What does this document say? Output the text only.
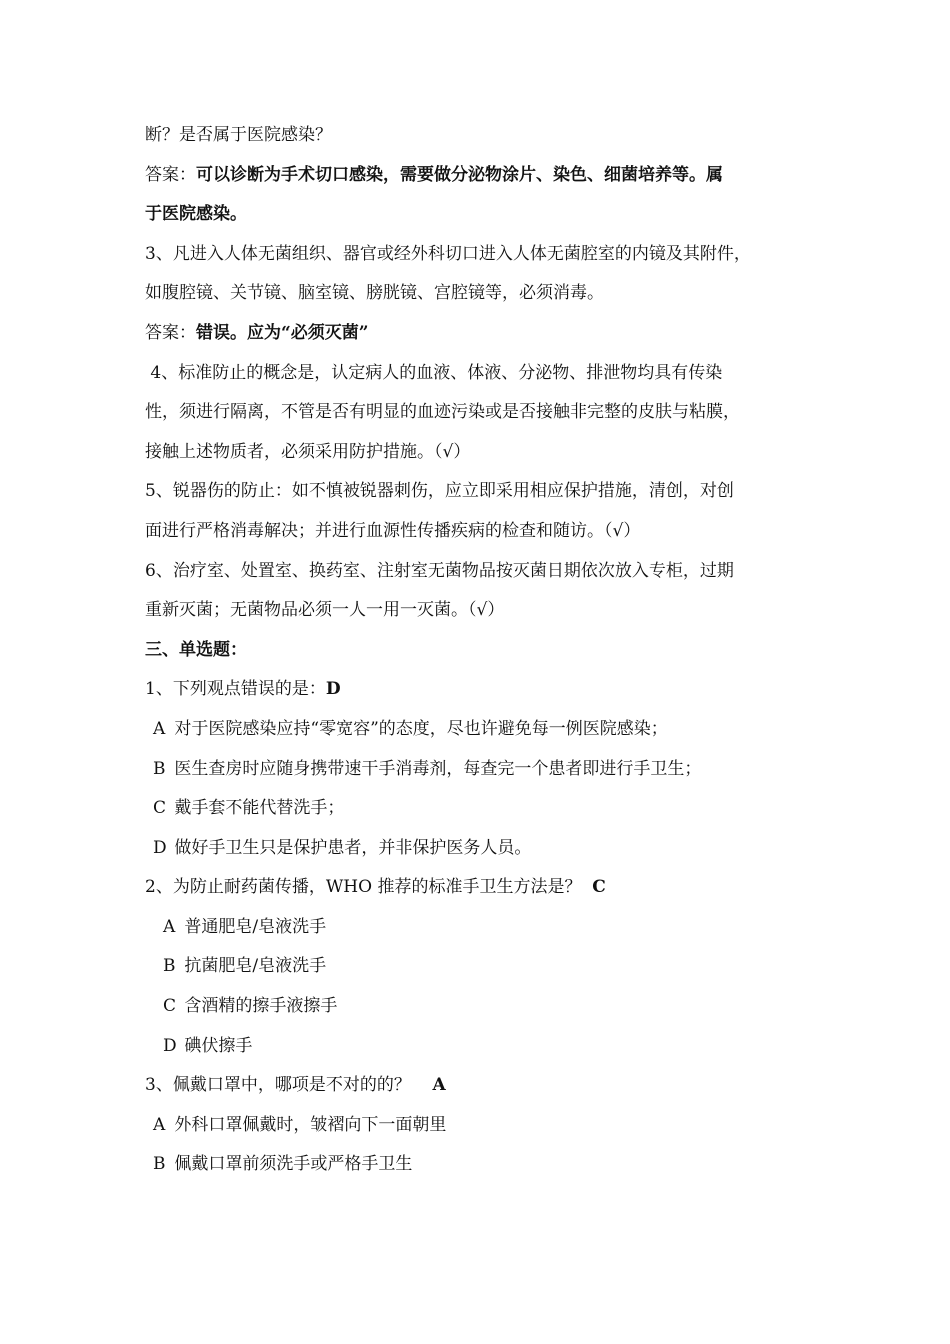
断？是否属于医院感染？
答案：可以诊断为手术切口感染，需要做分泌物涂片、染色、细菌培养等。属
于医院感染。
3、凡进入人体无菌组织、器官或经外科切口进入人体无菌腔室的内镜及其附件，
如腹腔镜、关节镜、脑室镜、膀胱镜、宫腔镜等，必须消毒。
答案：错误。应为“必须灭菌”
4、标准防止的概念是，认定病人的血液、体液、分泌物、排泄物均具有传染
性，须进行隔离，不管是否有明显的血迹污染或是否接触非完整的皮肤与粘膜，
接触上述物质者，必须采用防护措施。（√）
5、锐器伤的防止：如不慎被锐器刺伤，应立即采用相应保护措施，清创，对创
面进行严格消毒解决；并进行血源性传播疾病的检查和随访。（√）
6、治疗室、处置室、换药室、注射室无菌物品按灭菌日期依次放入专柜，过期
重新灭菌；无菌物品必须一人一用一灭菌。（√）
三、单选题：
1、下列观点错误的是：D
A 对于医院感染应持“零宽容”的态度，尽也许避免每一例医院感染；
B 医生查房时应随身携带速干手消毒剂，每查完一个患者即进行手卫生；
C 戴手套不能代替洗手；
D 做好手卫生只是保护患者，并非保护医务人员。
2、为防止耐药菌传播，WHO 推荐的标准手卫生方法是？ C
A 普通肥皂/皂液洗手
B 抗菌肥皂/皂液洗手
C 含酒精的擦手液擦手
D 碘伏擦手
3、佩戴口罩中，哪项是不对的的？ A
A 外科口罩佩戴时，皱褶向下一面朝里
B 佩戴口罩前须洗手或严格手卫生
